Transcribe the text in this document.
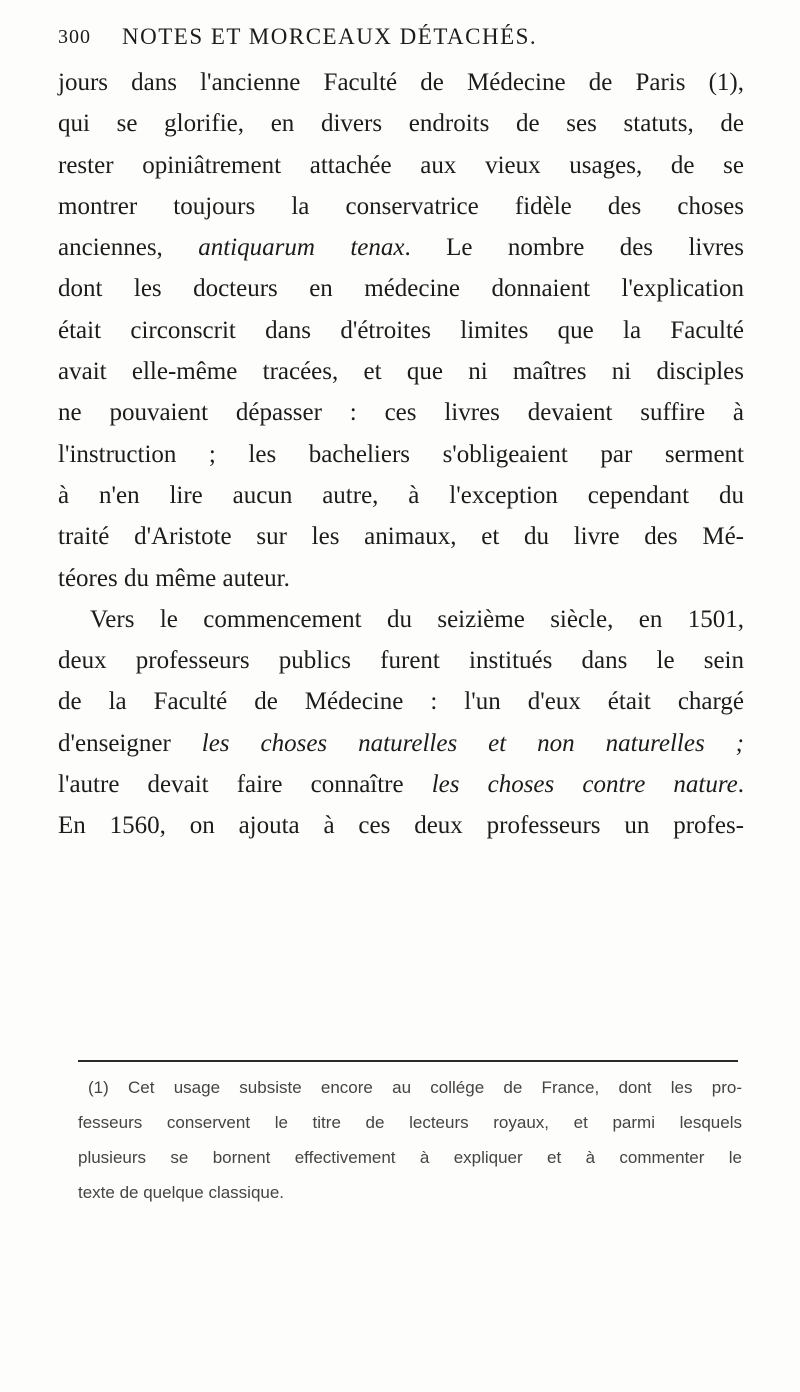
300 NOTES ET MORCEAUX DÉTACHÉS.
jours dans l'ancienne Faculté de Médecine de Paris (1),
qui se glorifie, en divers endroits de ses statuts, de
rester opiniâtrement attachée aux vieux usages, de se
montrer toujours la conservatrice fidèle des choses
anciennes, antiquarum tenax. Le nombre des livres
dont les docteurs en médecine donnaient l'explication
était circonscrit dans d'étroites limites que la Faculté
avait elle-même tracées, et que ni maîtres ni disciples
ne pouvaient dépasser : ces livres devaient suffire à
l'instruction ; les bacheliers s'obligeaient par serment
à n'en lire aucun autre, à l'exception cependant du
traité d'Aristote sur les animaux, et du livre des Mé-
téores du même auteur.
Vers le commencement du seizième siècle, en 1501,
deux professeurs publics furent institués dans le sein
de la Faculté de Médecine : l'un d'eux était chargé
d'enseigner les choses naturelles et non naturelles ;
l'autre devait faire connaître les choses contre nature.
En 1560, on ajouta à ces deux professeurs un profes-
(1) Cet usage subsiste encore au collége de France, dont les pro-
fesseurs conservent le titre de lecteurs royaux, et parmi lesquels
plusieurs se bornent effectivement à expliquer et à commenter le
texte de quelque classique.
